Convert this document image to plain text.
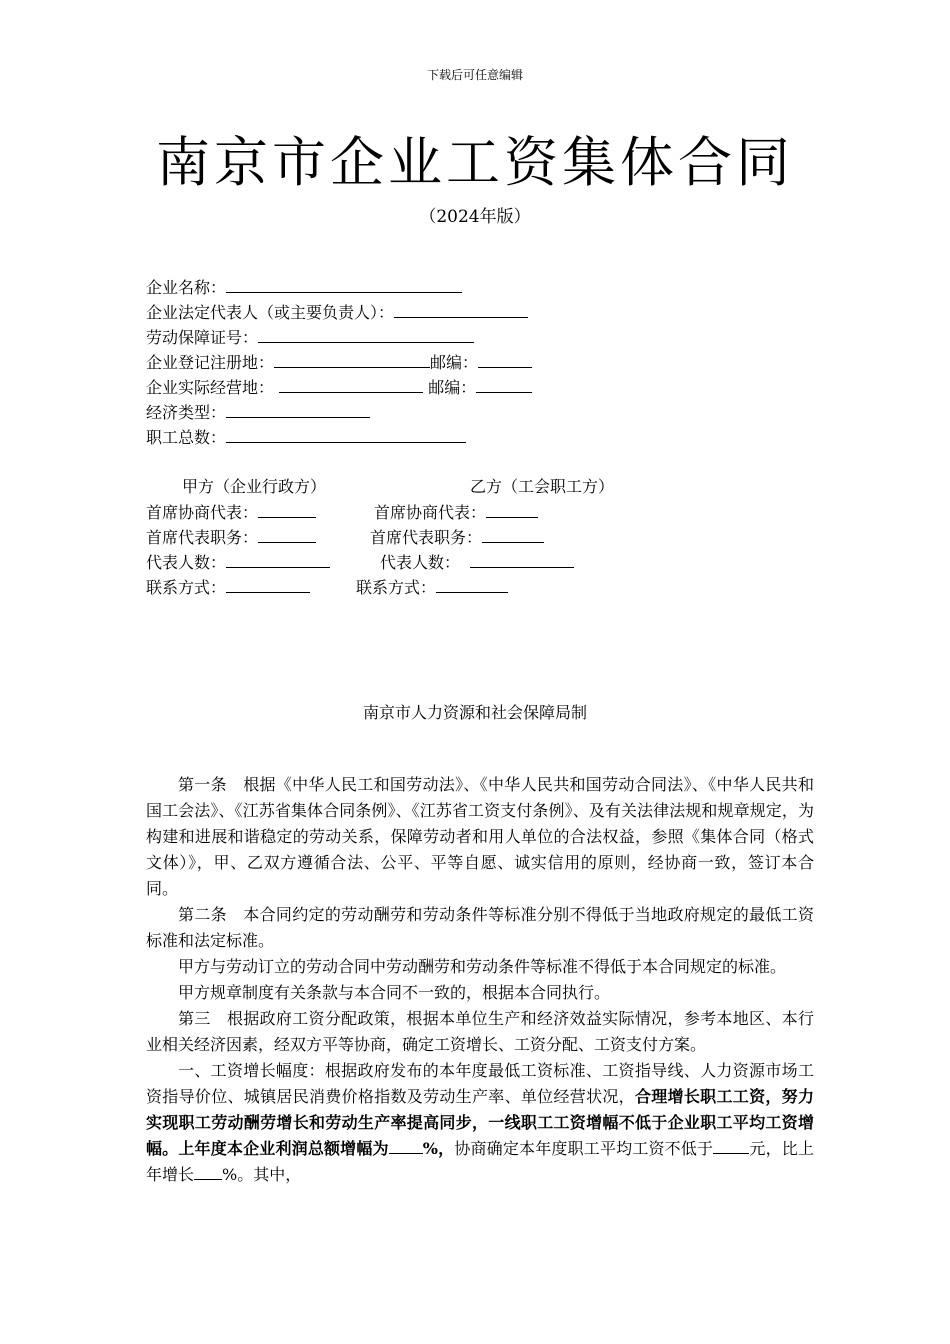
下载后可任意编辑
南京市企业工资集体合同
（2024年版）
企业名称：
企业法定代表人（或主要负责人）：
劳动保障证号：
企业登记注册地：	邮编：
企业实际经营地：	邮编：
经济类型：
职工总数：
甲方（企业行政方）	乙方（工会职工方）
首席协商代表：	首席协商代表：
首席代表职务：	首席代表职务：
代表人数：	代表人数：
联系方式：	联系方式：
南京市人力资源和社会保障局制

第一条　根据《中华人民工和国劳动法》、《中华人民共和国劳动合同法》、《中华人民共和国工会法》、《江苏省集体合同条例》、《江苏省工资支付条例》、及有关法律法规和规章规定，为构建和进展和谐稳定的劳动关系，保障劳动者和用人单位的合法权益，参照《集体合同（格式文体）》，甲、乙双方遵循合法、公平、平等自愿、诚实信用的原则，经协商一致，签订本合同。

第二条　本合同约定的劳动酬劳和劳动条件等标准分别不得低于当地政府规定的最低工资标准和法定标准。

甲方与劳动订立的劳动合同中劳动酬劳和劳动条件等标准不得低于本合同规定的标准。

甲方规章制度有关条款与本合同不一致的，根据本合同执行。

第三　根据政府工资分配政策，根据本单位生产和经济效益实际情况，参考本地区、本行业相关经济因素，经双方平等协商，确定工资增长、工资分配、工资支付方案。

一、工资增长幅度：根据政府发布的本年度最低工资标准、工资指导线、人力资源市场工资指导价位、城镇居民消费价格指数及劳动生产率、单位经营状况，合理增长职工工资，努力实现职工劳动酬劳增长和劳动生产率提高同步，一线职工工资增幅不低于企业职工平均工资增幅。上年度本企业利润总额增幅为 %，协商确定本年度职工平均工资不低于 元，比上年增长 %。其中，
